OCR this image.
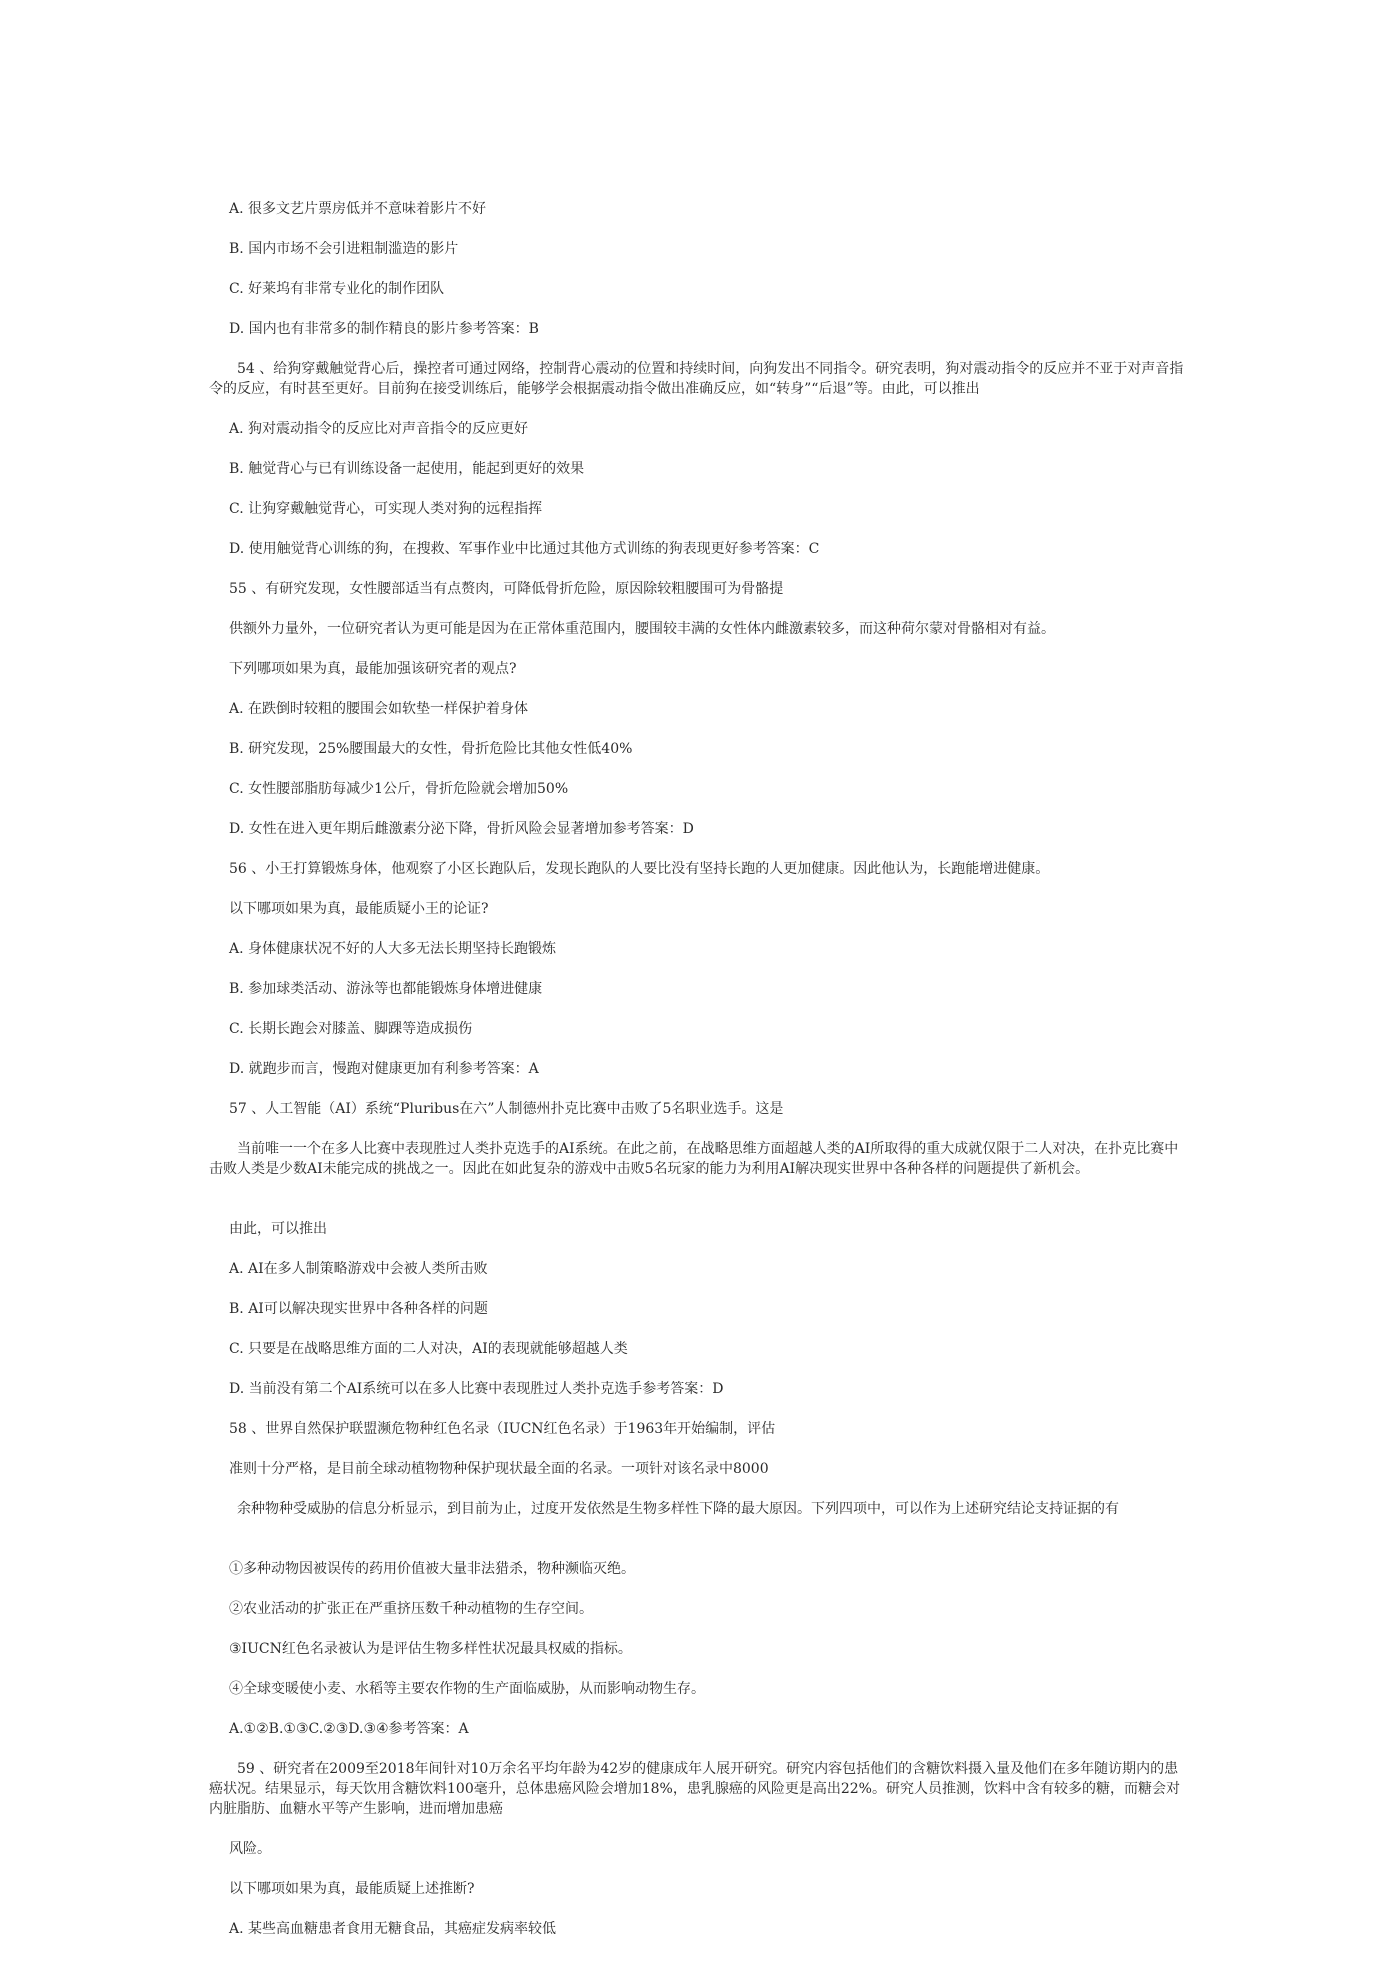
A. 很多文艺片票房低并不意味着影片不好

B. 国内市场不会引进粗制滥造的影片

C. 好莱坞有非常专业化的制作团队

D. 国内也有非常多的制作精良的影片参考答案：B

54 、给狗穿戴触觉背心后，操控者可通过网络，控制背心震动的位置和持续时间，向狗发出不同指令。研究表明，狗对震动指令的反应并不亚于对声音指令的反应，有时甚至更好。目前狗在接受训练后，能够学会根据震动指令做出准确反应，如“转身”“后退”等。由此，可以推出

A. 狗对震动指令的反应比对声音指令的反应更好

B. 触觉背心与已有训练设备一起使用，能起到更好的效果

C. 让狗穿戴触觉背心，可实现人类对狗的远程指挥

D. 使用触觉背心训练的狗，在搜救、军事作业中比通过其他方式训练的狗表现更好参考答案：C

55 、有研究发现，女性腰部适当有点赘肉，可降低骨折危险，原因除较粗腰围可为骨骼提

供额外力量外，一位研究者认为更可能是因为在正常体重范围内，腰围较丰满的女性体内雌激素较多，而这种荷尔蒙对骨骼相对有益。

下列哪项如果为真，最能加强该研究者的观点?

A. 在跌倒时较粗的腰围会如软垫一样保护着身体

B. 研究发现，25%腰围最大的女性，骨折危险比其他女性低40%

C. 女性腰部脂肪每减少1公斤，骨折危险就会增加50%

D. 女性在进入更年期后雌激素分泌下降，骨折风险会显著增加参考答案：D

56 、小王打算锻炼身体，他观察了小区长跑队后，发现长跑队的人要比没有坚持长跑的人更加健康。因此他认为，长跑能增进健康。

以下哪项如果为真，最能质疑小王的论证?

A. 身体健康状况不好的人大多无法长期坚持长跑锻炼

B. 参加球类活动、游泳等也都能锻炼身体增进健康

C. 长期长跑会对膝盖、脚踝等造成损伤

D. 就跑步而言，慢跑对健康更加有利参考答案：A

57 、人工智能（AI）系统“Pluribus在六”人制德州扑克比赛中击败了5名职业选手。这是

当前唯一一个在多人比赛中表现胜过人类扑克选手的AI系统。在此之前，在战略思维方面超越人类的AI所取得的重大成就仅限于二人对决，在扑克比赛中击败人类是少数AI未能完成的挑战之一。因此在如此复杂的游戏中击败5名玩家的能力为利用AI解决现实世界中各种各样的问题提供了新机会。

由此，可以推出

A. AI在多人制策略游戏中会被人类所击败

B. AI可以解决现实世界中各种各样的问题

C. 只要是在战略思维方面的二人对决，AI的表现就能够超越人类

D. 当前没有第二个AI系统可以在多人比赛中表现胜过人类扑克选手参考答案：D

58 、世界自然保护联盟濒危物种红色名录（IUCN红色名录）于1963年开始编制，评估

准则十分严格，是目前全球动植物物种保护现状最全面的名录。一项针对该名录中8000

余种物种受威胁的信息分析显示，到目前为止，过度开发依然是生物多样性下降的最大原因。下列四项中，可以作为上述研究结论支持证据的有

①多种动物因被误传的药用价值被大量非法猎杀，物种濒临灭绝。

②农业活动的扩张正在严重挤压数千种动植物的生存空间。

③IUCN红色名录被认为是评估生物多样性状况最具权威的指标。

④全球变暖使小麦、水稻等主要农作物的生产面临威胁，从而影响动物生存。

A.①②B.①③C.②③D.③④参考答案：A

59 、研究者在2009至2018年间针对10万余名平均年龄为42岁的健康成年人展开研究。研究内容包括他们的含糖饮料摄入量及他们在多年随访期内的患癌状况。结果显示，每天饮用含糖饮料100毫升，总体患癌风险会增加18%，患乳腺癌的风险更是高出22%。研究人员推测，饮料中含有较多的糖，而糖会对内脏脂肪、血糖水平等产生影响，进而增加患癌

风险。

以下哪项如果为真，最能质疑上述推断?

A. 某些高血糖患者食用无糖食品，其癌症发病率较低
